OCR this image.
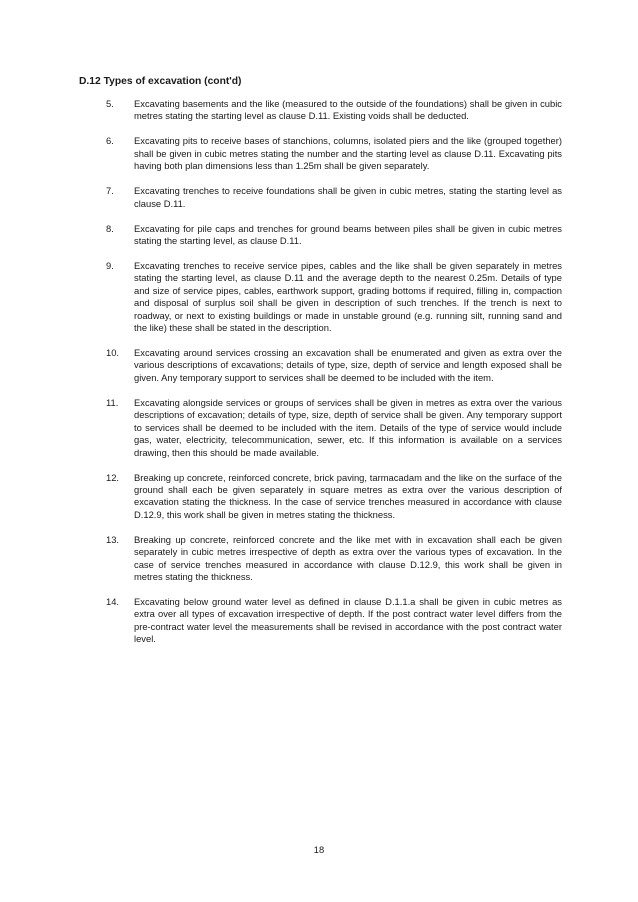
D.12 Types of excavation (cont'd)
5.	Excavating basements and the like (measured to the outside of the foundations) shall be given in cubic metres stating the starting level as clause D.11. Existing voids shall be deducted.
6.	Excavating pits to receive bases of stanchions, columns, isolated piers and the like (grouped together) shall be given in cubic metres stating the number and the starting level as clause D.11. Excavating pits having both plan dimensions less than 1.25m shall be given separately.
7.	Excavating trenches to receive foundations shall be given in cubic metres, stating the starting level as clause D.11.
8.	Excavating for pile caps and trenches for ground beams between piles shall be given in cubic metres stating the starting level, as clause D.11.
9.	Excavating trenches to receive service pipes, cables and the like shall be given separately in metres stating the starting level, as clause D.11 and the average depth to the nearest 0.25m. Details of type and size of service pipes, cables, earthwork support, grading bottoms if required, filling in, compaction and disposal of surplus soil shall be given in description of such trenches. If the trench is next to roadway, or next to existing buildings or made in unstable ground (e.g. running silt, running sand and the like) these shall be stated in the description.
10.	Excavating around services crossing an excavation shall be enumerated and given as extra over the various descriptions of excavations; details of type, size, depth of service and length exposed shall be given. Any temporary support to services shall be deemed to be included with the item.
11.	Excavating alongside services or groups of services shall be given in metres as extra over the various descriptions of excavation; details of type, size, depth of service shall be given. Any temporary support to services shall be deemed to be included with the item. Details of the type of service would include gas, water, electricity, telecommunication, sewer, etc. If this information is available on a services drawing, then this should be made available.
12.	Breaking up concrete, reinforced concrete, brick paving, tarmacadam and the like on the surface of the ground shall each be given separately in square metres as extra over the various description of excavation stating the thickness. In the case of service trenches measured in accordance with clause D.12.9, this work shall be given in metres stating the thickness.
13.	Breaking up concrete, reinforced concrete and the like met with in excavation shall each be given separately in cubic metres irrespective of depth as extra over the various types of excavation. In the case of service trenches measured in accordance with clause D.12.9, this work shall be given in metres stating the thickness.
14.	Excavating below ground water level as defined in clause D.1.1.a shall be given in cubic metres as extra over all types of excavation irrespective of depth. If the post contract water level differs from the pre-contract water level the measurements shall be revised in accordance with the post contract water level.
18
